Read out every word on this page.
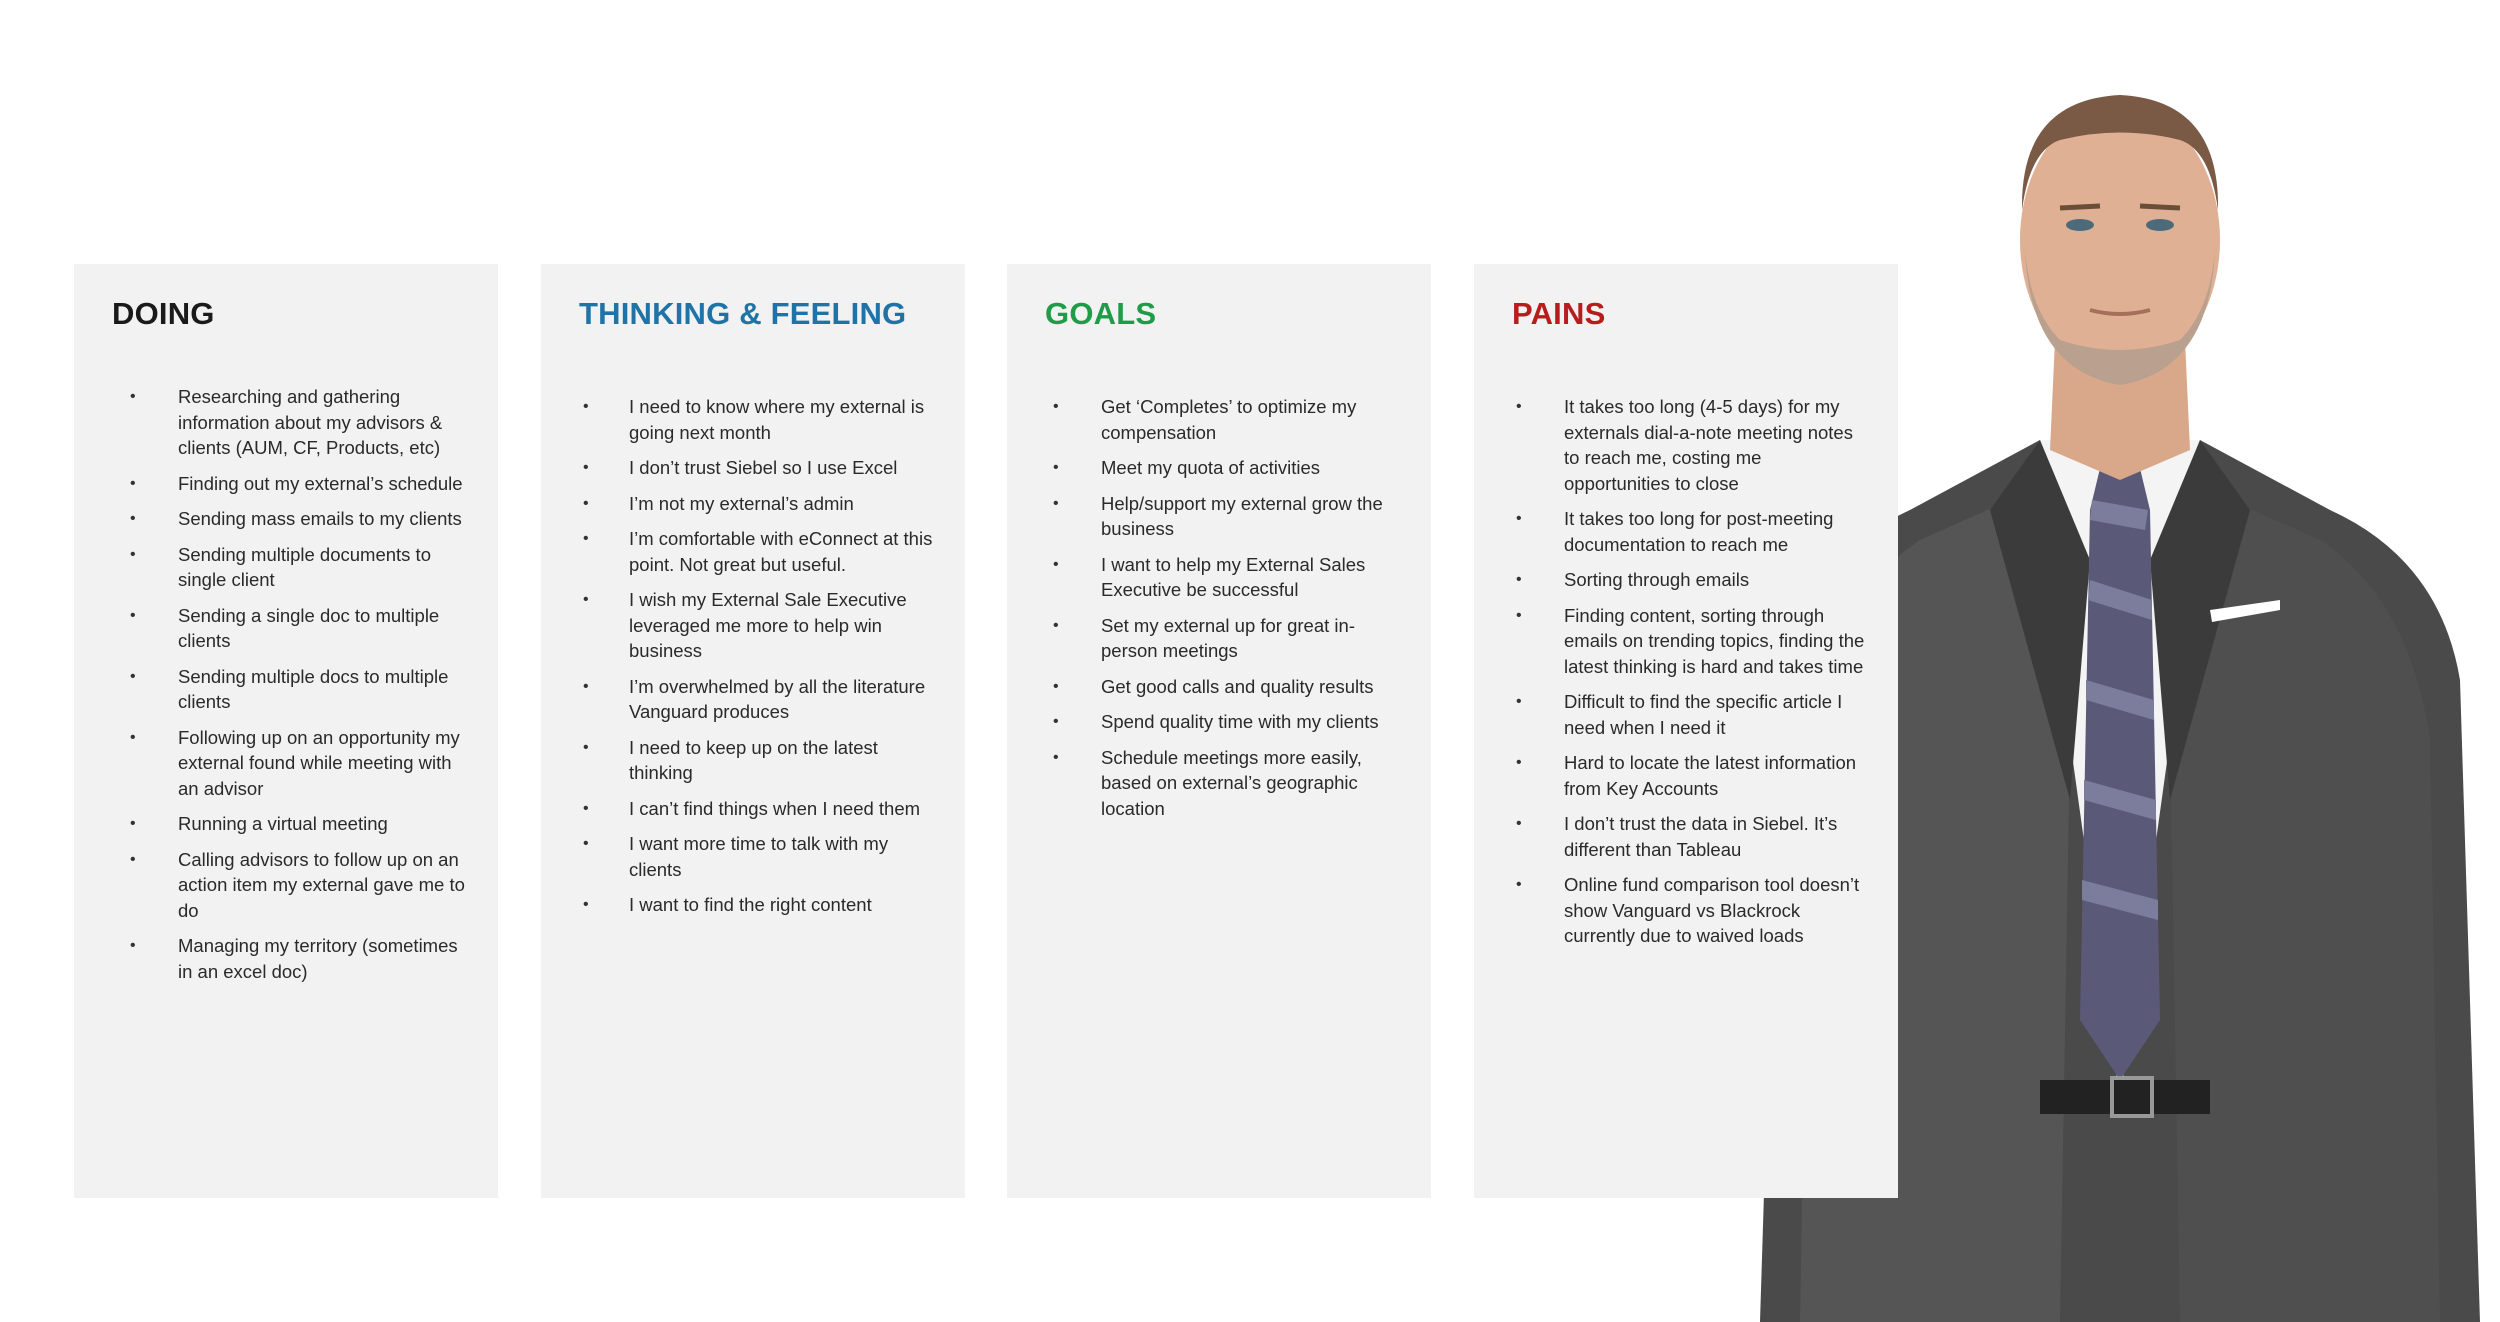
DOING
• Researching and gathering information about my advisors & clients (AUM, CF, Products, etc)
• Finding out my external’s schedule
• Sending mass emails to my clients
• Sending multiple documents to single client
• Sending a single doc to multiple clients
• Sending multiple docs to multiple clients
• Following up on an opportunity my external found while meeting with an advisor
• Running a virtual meeting
• Calling advisors to follow up on an action item my external gave me to do
• Managing my territory (sometimes in an excel doc)
THINKING & FEELING
• I need to know where my external is going next month
• I don’t trust Siebel so I use Excel
• I’m not my external’s admin
• I’m comfortable with eConnect at this point. Not great but useful.
• I wish my External Sale Executive leveraged me more to help win business
• I’m overwhelmed by all the literature Vanguard produces
• I need to keep up on the latest thinking
• I can’t find things when I need them
• I want more time to talk with my clients
• I want to find the right content
GOALS
• Get ‘Completes’ to optimize my compensation
• Meet my quota of activities
• Help/support my external grow the business
• I want to help my External Sales Executive be successful
• Set my external up for great in-person meetings
• Get good calls and quality results
• Spend quality time with my clients
• Schedule meetings more easily, based on external’s geographic location
PAINS
• It takes too long (4-5 days) for my externals dial-a-note meeting notes to reach me, costing me opportunities to close
• It takes too long for post-meeting documentation to reach me
• Sorting through emails
• Finding content, sorting through emails on trending topics, finding the latest thinking is hard and takes time
• Difficult to find the specific article I need when I need it
• Hard to locate the latest information from Key Accounts
• I don’t trust the data in Siebel. It’s different than Tableau
• Online fund comparison tool doesn’t show Vanguard vs Blackrock currently due to waived loads
